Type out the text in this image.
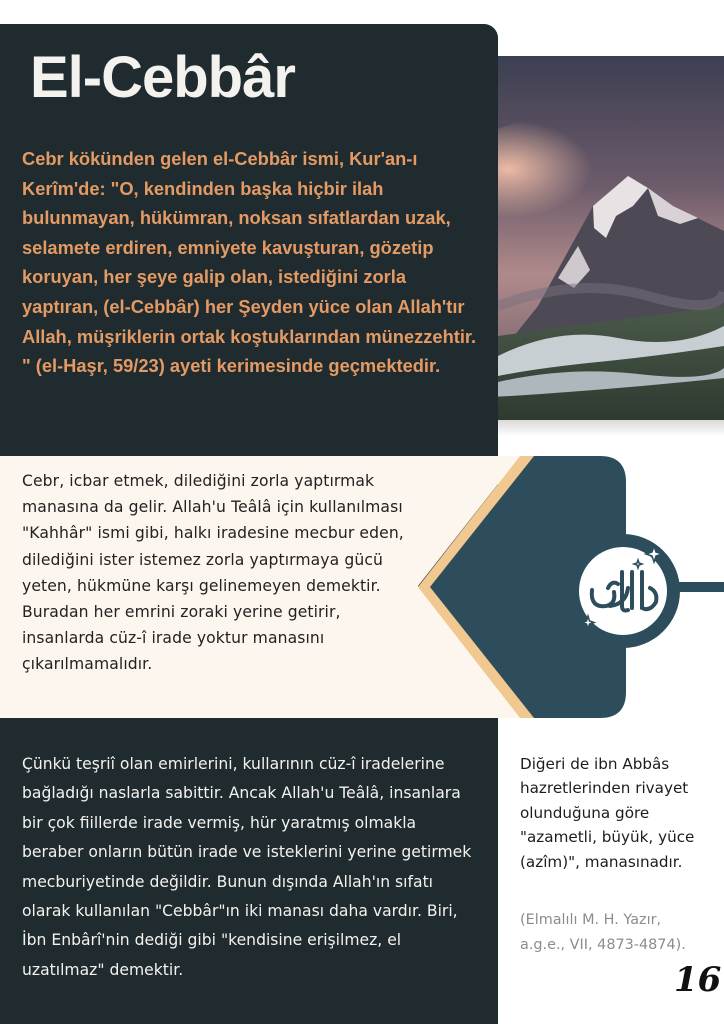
El-Cebbâr

Cebr kökünden gelen el-Cebbâr ismi, Kur'an-ı Kerîm'de: "O, kendinden başka hiçbir ilah bulunmayan, hükümran, noksan sıfatlardan uzak, selamete erdiren, emniyete kavuşturan, gözetip koruyan, her şeye galip olan, istediğini zorla yaptıran, (el-Cebbâr) her Şeyden yüce olan Allah'tır Allah, müşriklerin ortak koştuklarından münezzehtir. " (el-Haşr, 59/23) ayeti kerimesinde geçmektedir.

Cebr, icbar etmek, dilediğini zorla yaptırmak manasına da gelir. Allah'u Teâlâ için kullanılması "Kahhâr" ismi gibi, halkı iradesine mecbur eden, dilediğini ister istemez zorla yaptırmaya gücü yeten, hükmüne karşı gelinemeyen demektir. Buradan her emrini zoraki yerine getirir, insanlarda cüz-î irade yoktur manasını çıkarılmamalıdır.

Çünkü teşriî olan emirlerini, kullarının cüz-î iradelerine bağladığı naslarla sabittir. Ancak Allah'u Teâlâ, insanlara bir çok fiillerde irade vermiş, hür yaratmış olmakla beraber onların bütün irade ve isteklerini yerine getirmek mecburiyetinde değildir. Bunun dışında Allah'ın sıfatı olarak kullanılan "Cebbâr"ın iki manası daha vardır. Biri, İbn Enbârî'nin dediği gibi "kendisine erişilmez, el uzatılmaz" demektir.

Diğeri de ibn Abbâs hazretlerinden rivayet olunduğuna göre "azametli, büyük, yüce (azîm)", manasınadır.

(Elmalılı M. H. Yazır, a.g.e., VII, 4873-4874).

16
